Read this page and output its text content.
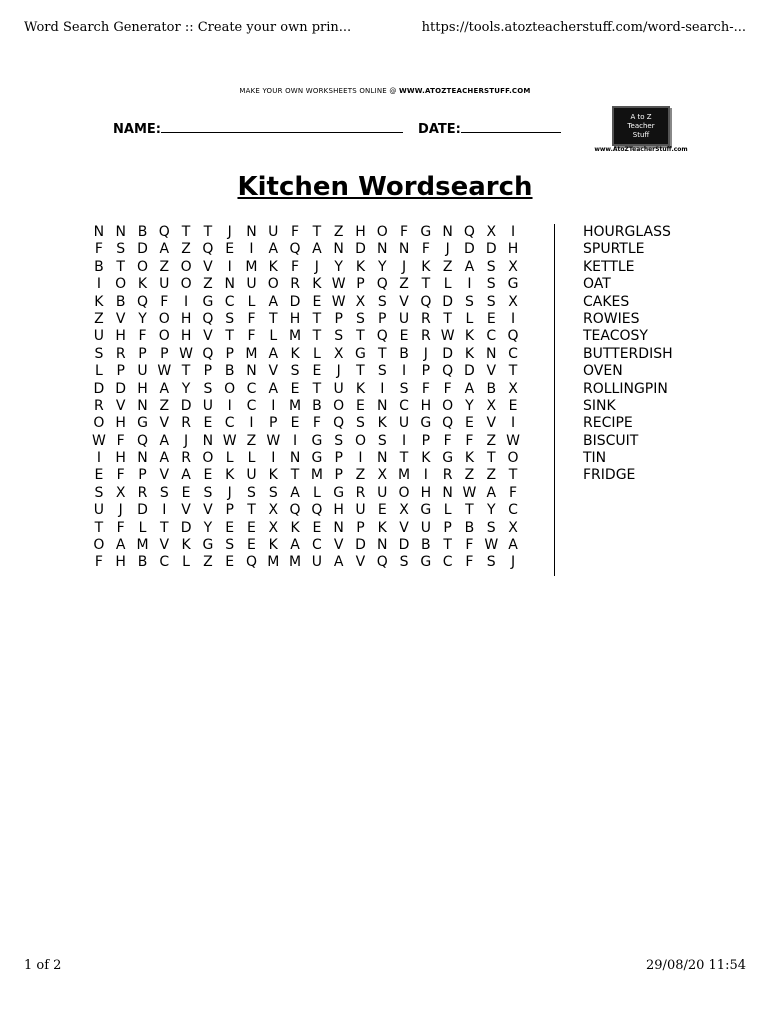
Word Search Generator :: Create your own prin...	https://tools.atozteacherstuff.com/word-search-...
MAKE YOUR OWN WORKSHEETS ONLINE @ WWW.ATOZTEACHERSTUFF.COM
NAME:	DATE:
A to Z
Teacher
Stuff
www.AtoZTeacherStuff.com
Kitchen Wordsearch
N N B Q T T	J	N U F T Z H O F G N Q X	I
F S D A Z Q E	I	A Q A N D N N F	J	D D H
B T O Z O V	I M K F	J	Y K Y	J	K Z A S X
I	O K U O Z N U O R K W P Q Z T L	I	S G
K B Q F	I	G C L A D E W X S V Q D S S X
Z V Y O H Q S F T H T P S P U R T L E	I
U H F O H V T F L M T S T Q E R W K C Q
S R P P W Q P M A K L X G T B	J	D K N C
L P U W T P B N V S E	J	T S	I	P Q D V T
D D H A Y S O C A E T U K	I	S F F A B X
R V N Z D U	I	C	I M B O E N C H O Y X E
O H G V R E C	I	P E F Q S K U G Q E V	I
W F Q A	J	N W Z W I	G S O S	I	P F F Z W
I	H N A R O L L	I	N G P	I	N T K G K T O
E F P V A E K U K T M P Z X M I	R Z Z T
S X R S E S	J	S S A L G R U O H N W A F
U	J	D	I	V V P T X Q Q H U E X G L T Y C
T F L T D Y E E X K E N P K V U P B S X
O A M V K G S E K A C V D N D B T F W A
F H B C L Z E Q M M U A V Q S G C F S	J
HOURGLASS
SPURTLE
KETTLE
OAT
CAKES
ROWIES
TEACOSY
BUTTERDISH
OVEN
ROLLINGPIN
SINK
RECIPE
BISCUIT
TIN
FRIDGE
1 of 2	29/08/20 11:54
